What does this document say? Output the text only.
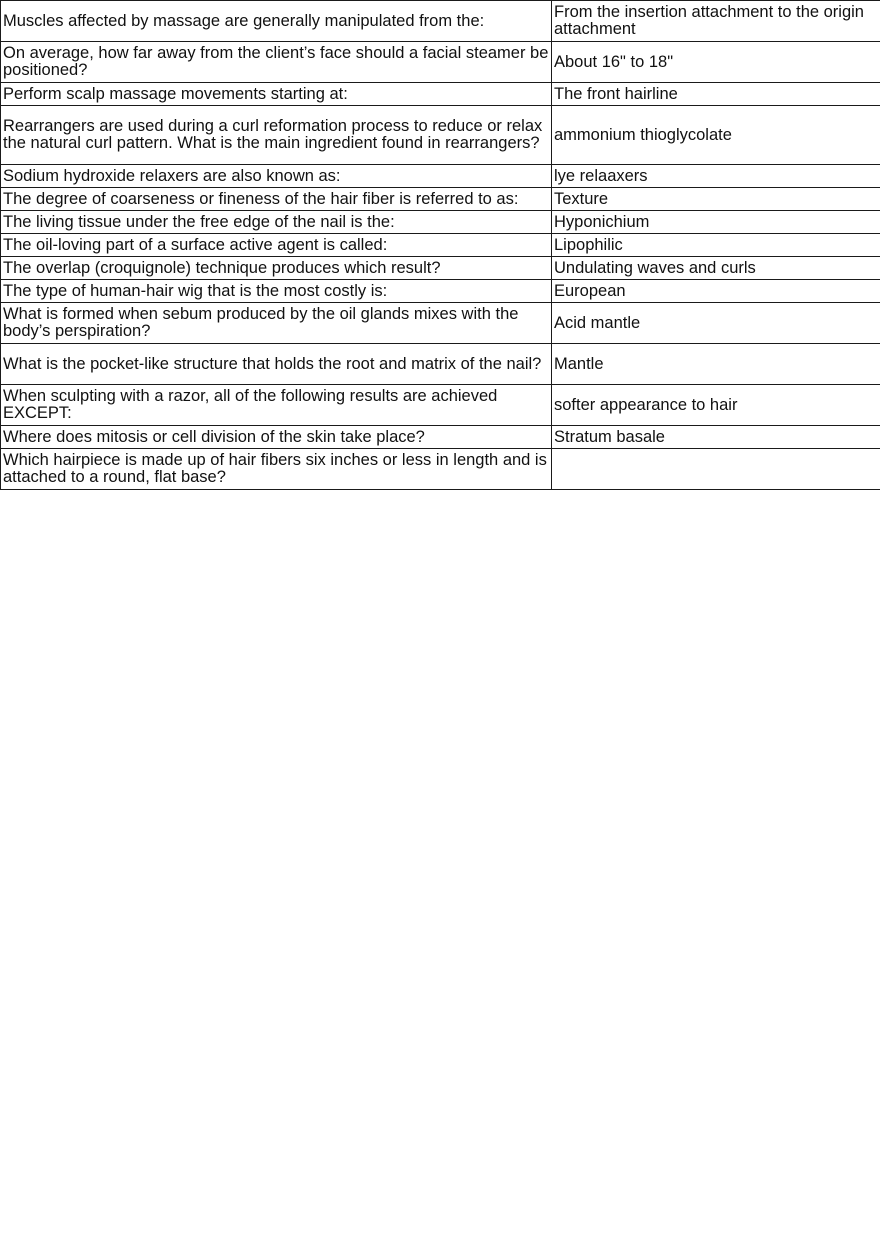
Muscles affected by massage are generally manipulated from the:	From the insertion attachment to the origin attachment
On average, how far away from the client’s face should a facial steamer be positioned?	About 16" to 18"
Perform scalp massage movements starting at:	The front hairline
Rearrangers are used during a curl reformation process to reduce or relax the natural curl pattern. What is the main ingredient found in rearrangers?	ammonium thioglycolate
Sodium hydroxide relaxers are also known as:	lye relaaxers
The degree of coarseness or fineness of the hair fiber is referred to as:	Texture
The living tissue under the free edge of the nail is the:	Hyponichium
The oil-loving part of a surface active agent is called:	Lipophilic
The overlap (croquignole) technique produces which result?	Undulating waves and curls
The type of human-hair wig that is the most costly is:	European
What is formed when sebum produced by the oil glands mixes with the body’s perspiration?	Acid mantle
What is the pocket-like structure that holds the root and matrix of the nail?	Mantle
When sculpting with a razor, all of the following results are achieved EXCEPT:	softer appearance to hair
Where does mitosis or cell division of the skin take place?	Stratum basale
Which hairpiece is made up of hair fibers six inches or less in length and is attached to a round, flat base?	
